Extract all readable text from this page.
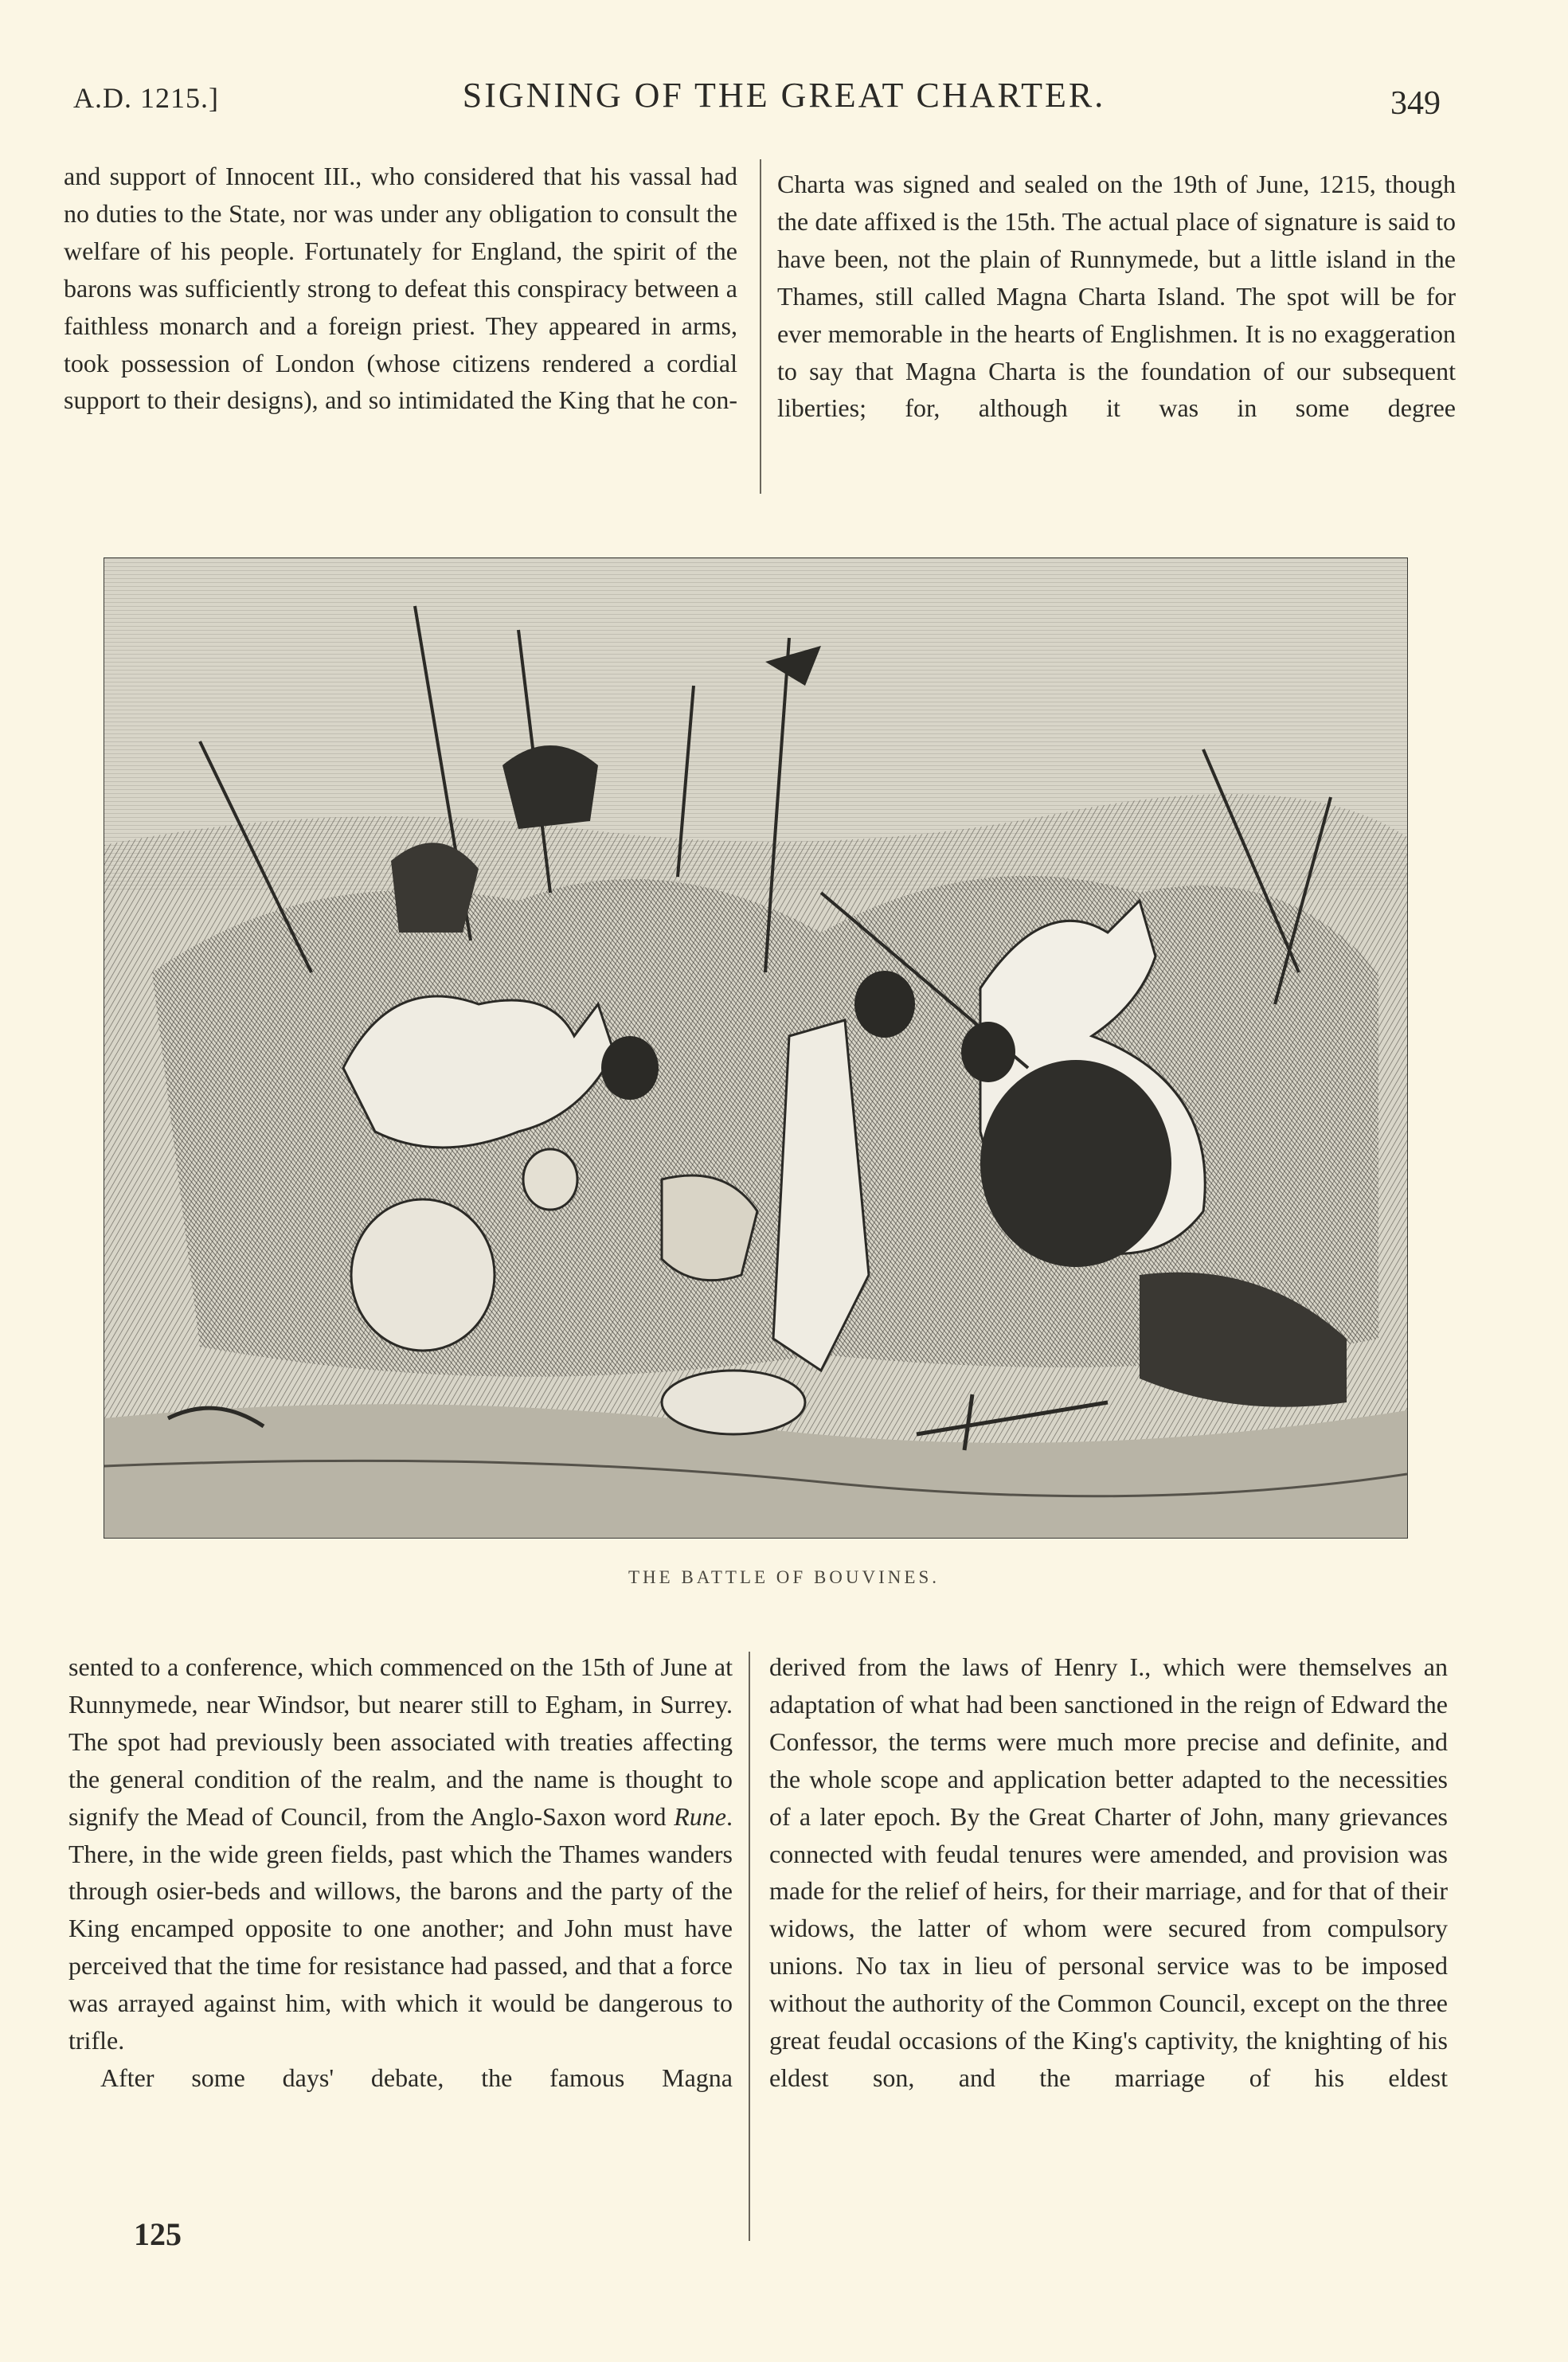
A.D. 1215.]	SIGNING OF THE GREAT CHARTER.	349

and support of Innocent III., who considered that his vassal had no duties to the State, nor was under any obligation to consult the welfare of his people. Fortunately for England, the spirit of the barons was sufficiently strong to defeat this conspiracy between a faithless monarch and a foreign priest. They appeared in arms, took possession of London (whose citizens rendered a cordial support to their designs), and so intimidated the King that he con-

Charta was signed and sealed on the 19th of June, 1215, though the date affixed is the 15th. The actual place of signature is said to have been, not the plain of Runnymede, but a little island in the Thames, still called Magna Charta Island. The spot will be for ever memorable in the hearts of Englishmen. It is no exaggeration to say that Magna Charta is the foundation of our subsequent liberties; for, although it was in some degree

THE BATTLE OF BOUVINES.

sented to a conference, which commenced on the 15th of June at Runnymede, near Windsor, but nearer still to Egham, in Surrey. The spot had previously been associated with treaties affecting the general condition of the realm, and the name is thought to signify the Mead of Council, from the Anglo-Saxon word Rune. There, in the wide green fields, past which the Thames wanders through osier-beds and willows, the barons and the party of the King encamped opposite to one another; and John must have perceived that the time for resistance had passed, and that a force was arrayed against him, with which it would be dangerous to trifle.

After some days' debate, the famous Magna

derived from the laws of Henry I., which were themselves an adaptation of what had been sanctioned in the reign of Edward the Confessor, the terms were much more precise and definite, and the whole scope and application better adapted to the necessities of a later epoch. By the Great Charter of John, many grievances connected with feudal tenures were amended, and provision was made for the relief of heirs, for their marriage, and for that of their widows, the latter of whom were secured from compulsory unions. No tax in lieu of personal service was to be imposed without the authority of the Common Council, except on the three great feudal occasions of the King's captivity, the knighting of his eldest son, and the marriage of his eldest

125
